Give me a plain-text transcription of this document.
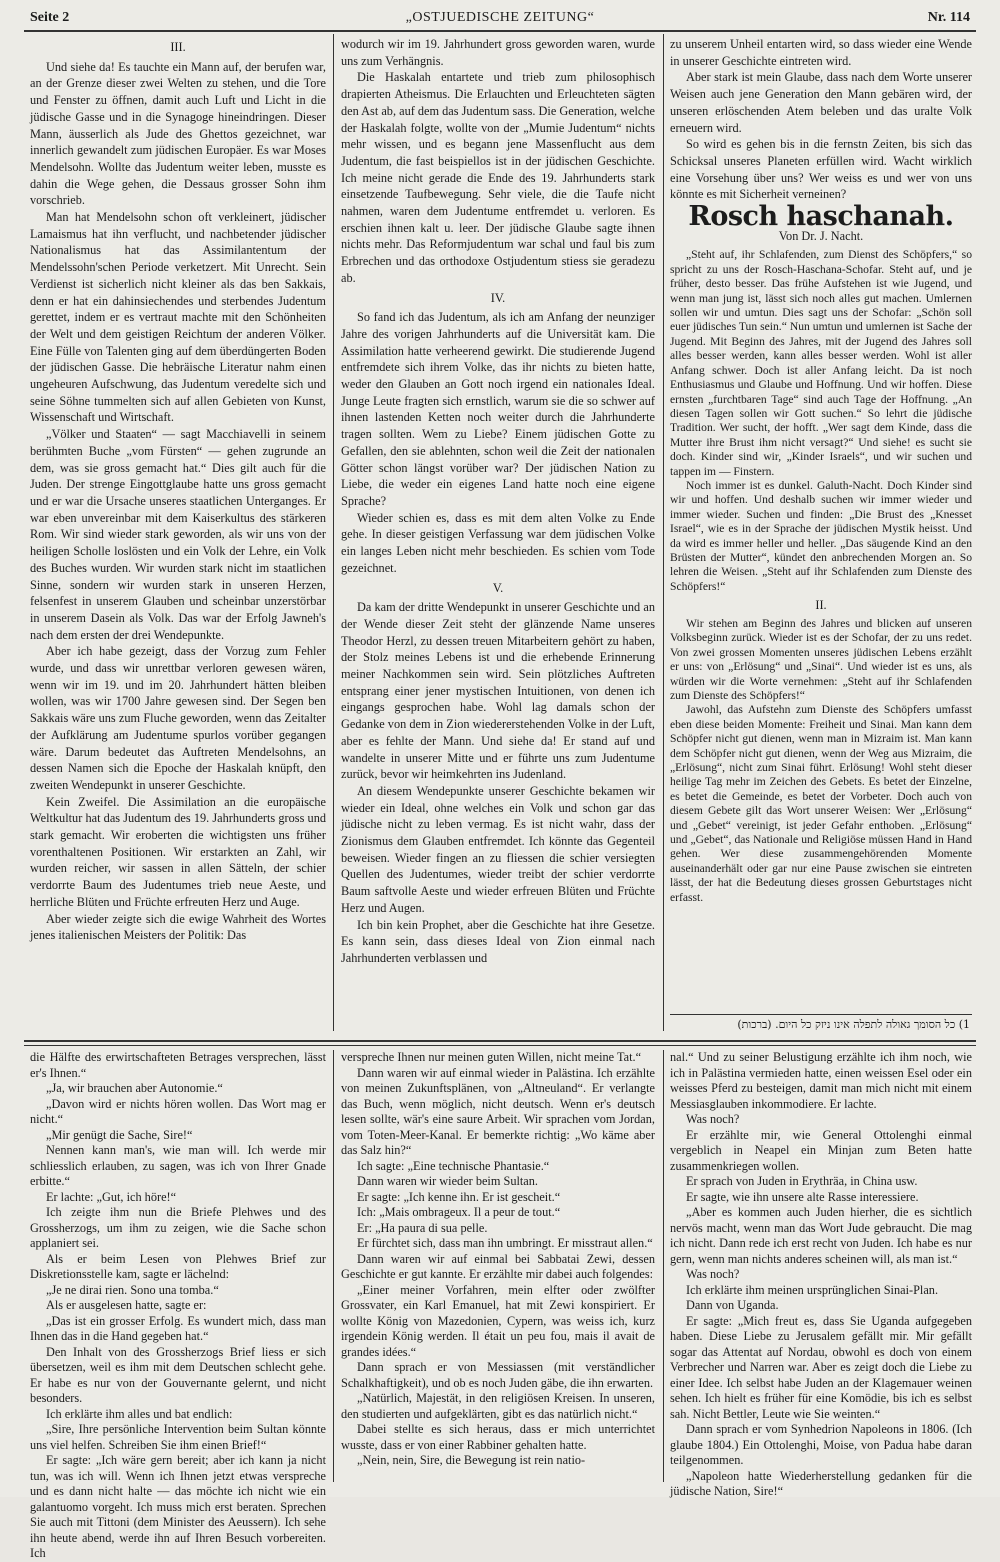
Seite 2	„OSTJUEDISCHE ZEITUNG“	Nr. 114

III.

Und siehe da! Es tauchte ein Mann auf, der berufen war, an der Grenze dieser zwei Welten zu stehen, und die Tore und Fenster zu öffnen, damit auch Luft und Licht in die jüdische Gasse und in die Synagoge hineindringen. Dieser Mann, äusserlich als Jude des Ghettos gezeichnet, war innerlich gewandelt zum jüdischen Europäer. Es war Moses Mendelsohn. Wollte das Judentum weiter leben, musste es dahin die Wege gehen, die Dessaus grosser Sohn ihm vorschrieb.

Man hat Mendelsohn schon oft verkleinert, jüdischer Lamaismus hat ihn verflucht, und nachbetender jüdischer Nationalismus hat das Assimilantentum der Mendelssohn'schen Periode verketzert. Mit Unrecht. Sein Verdienst ist sicherlich nicht kleiner als das ben Sakkais, denn er hat ein dahinsiechendes und sterbendes Judentum gerettet, indem er es vertraut machte mit den Schönheiten der Welt und dem geistigen Reichtum der anderen Völker. Eine Fülle von Talenten ging auf dem überdüngerten Boden der jüdischen Gasse. Die hebräische Literatur nahm einen ungeheuren Aufschwung, das Judentum veredelte sich und seine Söhne tummelten sich auf allen Gebieten von Kunst, Wissenschaft und Wirtschaft.

„Völker und Staaten“ — sagt Macchiavelli in seinem berühmten Buche „vom Fürsten“ — gehen zugrunde an dem, was sie gross gemacht hat.“ Dies gilt auch für die Juden. Der strenge Eingottglaube hatte uns gross gemacht und er war die Ursache unseres staatlichen Unterganges. Er war eben unvereinbar mit dem Kaiserkultus des stärkeren Rom. Wir sind wieder stark geworden, als wir uns von der heiligen Scholle loslösten und ein Volk der Lehre, ein Volk des Buches wurden. Wir wurden stark nicht im staatlichen Sinne, sondern wir wurden stark in unseren Herzen, felsenfest in unserem Glauben und scheinbar unzerstörbar in unserem Dasein als Volk. Das war der Erfolg Jawneh's nach dem ersten der drei Wendepunkte.

Aber ich habe gezeigt, dass der Vorzug zum Fehler wurde, und dass wir unrettbar verloren gewesen wären, wenn wir im 19. und im 20. Jahrhundert hätten bleiben wollen, was wir 1700 Jahre gewesen sind. Der Segen ben Sakkais wäre uns zum Fluche geworden, wenn das Zeitalter der Aufklärung am Judentume spurlos vorüber gegangen wäre. Darum bedeutet das Auftreten Mendelsohns, an dessen Namen sich die Epoche der Haskalah knüpft, den zweiten Wendepunkt in unserer Geschichte.

Kein Zweifel. Die Assimilation an die europäische Weltkultur hat das Judentum des 19. Jahrhunderts gross und stark gemacht. Wir eroberten die wichtigsten uns früher vorenthaltenen Positionen. Wir erstarkten an Zahl, wir wurden reicher, wir sassen in allen Sätteln, der schier verdorrte Baum des Judentumes trieb neue Aeste, und herrliche Blüten und Früchte erfreuten Herz und Auge.

Aber wieder zeigte sich die ewige Wahrheit des Wortes jenes italienischen Meisters der Politik: Das

wodurch wir im 19. Jahrhundert gross geworden waren, wurde uns zum Verhängnis.

Die Haskalah entartete und trieb zum philosophisch drapierten Atheismus. Die Erlauchten und Erleuchteten sägten den Ast ab, auf dem das Judentum sass. Die Generation, welche der Haskalah folgte, wollte von der „Mumie Judentum“ nichts mehr wissen, und es begann jene Massenflucht aus dem Judentum, die fast beispiellos ist in der jüdischen Geschichte. Ich meine nicht gerade die Ende des 19. Jahrhunderts stark einsetzende Taufbewegung. Sehr viele, die die Taufe nicht nahmen, waren dem Judentume entfremdet u. verloren. Es erschien ihnen kalt u. leer. Der jüdische Glaube sagte ihnen nichts mehr. Das Reformjudentum war schal und faul bis zum Erbrechen und das orthodoxe Ostjudentum stiess sie geradezu ab.

IV.

So fand ich das Judentum, als ich am Anfang der neunziger Jahre des vorigen Jahrhunderts auf die Universität kam. Die Assimilation hatte verheerend gewirkt. Die studierende Jugend entfremdete sich ihrem Volke, das ihr nichts zu bieten hatte, weder den Glauben an Gott noch irgend ein nationales Ideal. Junge Leute fragten sich ernstlich, warum sie die so schwer auf ihnen lastenden Ketten noch weiter durch die Jahrhunderte tragen sollten. Wem zu Liebe? Einem jüdischen Gotte zu Gefallen, den sie ablehnten, schon weil die Zeit der nationalen Götter schon längst vorüber war? Der jüdischen Nation zu Liebe, die weder ein eigenes Land hatte noch eine eigene Sprache?

Wieder schien es, dass es mit dem alten Volke zu Ende gehe. In dieser geistigen Verfassung war dem jüdischen Volke ein langes Leben nicht mehr beschieden. Es schien vom Tode gezeichnet.

V.

Da kam der dritte Wendepunkt in unserer Geschichte und an der Wende dieser Zeit steht der glänzende Name unseres Theodor Herzl, zu dessen treuen Mitarbeitern gehört zu haben, der Stolz meines Lebens ist und die erhebende Erinnerung meiner Nachkommen sein wird. Sein plötzliches Auftreten entsprang einer jener mystischen Intuitionen, von denen ich eingangs gesprochen habe. Wohl lag damals schon der Gedanke von dem in Zion wiedererstehenden Volke in der Luft, aber es fehlte der Mann. Und siehe da! Er stand auf und wandelte in unserer Mitte und er führte uns zum Judentume zurück, bevor wir heimkehrten ins Judenland.

An diesem Wendepunkte unserer Geschichte bekamen wir wieder ein Ideal, ohne welches ein Volk und schon gar das jüdische nicht zu leben vermag. Es ist nicht wahr, dass der Zionismus dem Glauben entfremdet. Ich könnte das Gegenteil beweisen. Wieder fingen an zu fliessen die schier versiegten Quellen des Judentumes, wieder treibt der schier verdorrte Baum saftvolle Aeste und wieder erfreuen Blüten und Früchte Herz und Augen.

Ich bin kein Prophet, aber die Geschichte hat ihre Gesetze. Es kann sein, dass dieses Ideal von Zion einmal nach Jahrhunderten verblassen und

zu unserem Unheil entarten wird, so dass wieder eine Wende in unserer Geschichte eintreten wird.

Aber stark ist mein Glaube, dass nach dem Worte unserer Weisen auch jene Generation den Mann gebären wird, der unseren erlöschenden Atem beleben und das uralte Volk erneuern wird.

So wird es gehen bis in die fernstn Zeiten, bis sich das Schicksal unseres Planeten erfüllen wird. Wacht wirklich eine Vorsehung über uns? Wer weiss es und wer von uns könnte es mit Sicherheit verneinen?

Rosch haschanah.

Von Dr. J. Nacht.

„Steht auf, ihr Schlafenden, zum Dienst des Schöpfers,“ so spricht zu uns der Rosch-Haschana-Schofar. Steht auf, und je früher, desto besser. Das frühe Aufstehen ist wie Jugend, und wenn man jung ist, lässt sich noch alles gut machen. Umlernen sollen wir und umtun. Dies sagt uns der Schofar: „Schön soll euer jüdisches Tun sein.“ Nun umtun und umlernen ist Sache der Jugend. Mit Beginn des Jahres, mit der Jugend des Jahres soll alles besser werden, kann alles besser werden. Wohl ist aller Anfang schwer. Doch ist aller Anfang leicht. Da ist noch Enthusiasmus und Glaube und Hoffnung. Und wir hoffen. Diese ernsten „furchtbaren Tage“ sind auch Tage der Hoffnung. „An diesen Tagen sollen wir Gott suchen.“ So lehrt die jüdische Tradition. Wer sucht, der hofft. „Wer sagt dem Kinde, dass die Mutter ihre Brust ihm nicht versagt?“ Und siehe! es sucht sie doch. Kinder sind wir, „Kinder Israels“, und wir suchen und tappen im — Finstern.

Noch immer ist es dunkel. Galuth-Nacht. Doch Kinder sind wir und hoffen. Und deshalb suchen wir immer wieder und immer wieder. Suchen und finden: „Die Brust des „Knesset Israel“, wie es in der Sprache der jüdischen Mystik heisst. Und da wird es immer heller und heller. „Das säugende Kind an den Brüsten der Mutter“, kündet den anbrechenden Morgen an. So lehren die Weisen. „Steht auf ihr Schlafenden zum Dienste des Schöpfers!“

II.

Wir stehen am Beginn des Jahres und blicken auf unseren Volksbeginn zurück. Wieder ist es der Schofar, der zu uns redet. Von zwei grossen Momenten unseres jüdischen Lebens erzählt er uns: von „Erlösung“ und „Sinai“. Und wieder ist es uns, als würden wir die Worte vernehmen: „Steht auf ihr Schlafenden zum Dienste des Schöpfers!“

Jawohl, das Aufstehn zum Dienste des Schöpfers umfasst eben diese beiden Momente: Freiheit und Sinai. Man kann dem Schöpfer nicht gut dienen, wenn man in Mizraim ist. Man kann dem Schöpfer nicht gut dienen, wenn der Weg aus Mizraim, die „Erlösung“, nicht zum Sinai führt. Erlösung! Wohl steht dieser heilige Tag mehr im Zeichen des Gebets. Es betet der Einzelne, es betet die Gemeinde, es betet der Vorbeter. Doch auch von diesem Gebete gilt das Wort unserer Weisen: Wer „Erlösung“ und „Gebet“ vereinigt, ist jeder Gefahr enthoben. „Erlösung“ und „Gebet“, das Nationale und Religiöse müssen Hand in Hand gehen. Wer diese zusammengehörenden Momente auseinanderhält oder gar nur eine Pause zwischen sie eintreten lässt, der hat die Bedeutung dieses grossen Geburtstages nicht erfasst.

1) כל הסומך גאולה לתפלה אינו ניזק כל היום. (ברכות)

die Hälfte des erwirtschafteten Betrages versprechen, lässt er's Ihnen.“

„Ja, wir brauchen aber Autonomie.“

„Davon wird er nichts hören wollen. Das Wort mag er nicht.“

„Mir genügt die Sache, Sire!“

Nennen kann man's, wie man will. Ich werde mir schliesslich erlauben, zu sagen, was ich von Ihrer Gnade erbitte.“

Er lachte: „Gut, ich höre!“

Ich zeigte ihm nun die Briefe Plehwes und des Grossherzogs, um ihm zu zeigen, wie die Sache schon applaniert sei.

Als er beim Lesen von Plehwes Brief zur Diskretionsstelle kam, sagte er lächelnd:

„Je ne dirai rien. Sono una tomba.“

Als er ausgelesen hatte, sagte er:

„Das ist ein grosser Erfolg. Es wundert mich, dass man Ihnen das in die Hand gegeben hat.“

Den Inhalt von des Grossherzogs Brief liess er sich übersetzen, weil es ihm mit dem Deutschen schlecht gehe. Er habe es nur von der Gouvernante gelernt, und nicht besonders.

Ich erklärte ihm alles und bat endlich:

„Sire, Ihre persönliche Intervention beim Sultan könnte uns viel helfen. Schreiben Sie ihm einen Brief!“

Er sagte: „Ich wäre gern bereit; aber ich kann ja nicht tun, was ich will. Wenn ich Ihnen jetzt etwas verspreche und es dann nicht halte — das möchte ich nicht wie ein galantuomo vorgeht. Ich muss mich erst beraten. Sprechen Sie auch mit Tittoni (dem Minister des Aeussern). Ich sehe ihn heute abend, werde ihn auf Ihren Besuch vorbereiten. Ich

verspreche Ihnen nur meinen guten Willen, nicht meine Tat.“

Dann waren wir auf einmal wieder in Palästina. Ich erzählte von meinen Zukunftsplänen, von „Altneuland“. Er verlangte das Buch, wenn möglich, nicht deutsch. Wenn er's deutsch lesen sollte, wär's eine saure Arbeit. Wir sprachen vom Jordan, vom Toten-Meer-Kanal. Er bemerkte richtig: „Wo käme aber das Salz hin?“

Ich sagte: „Eine technische Phantasie.“

Dann waren wir wieder beim Sultan.

Er sagte: „Ich kenne ihn. Er ist gescheit.“

Ich: „Mais ombrageux. Il a peur de tout.“

Er: „Ha paura di sua pelle.

Er fürchtet sich, dass man ihn umbringt. Er misstraut allen.“

Dann waren wir auf einmal bei Sabbatai Zewi, dessen Geschichte er gut kannte. Er erzählte mir dabei auch folgendes:

„Einer meiner Vorfahren, mein elfter oder zwölfter Grossvater, ein Karl Emanuel, hat mit Zewi konspiriert. Er wollte König von Mazedonien, Cypern, was weiss ich, kurz irgendein König werden. Il était un peu fou, mais il avait de grandes idées.“

Dann sprach er von Messiassen (mit verständlicher Schalkhaftigkeit), und ob es noch Juden gäbe, die ihn erwarten.

„Natürlich, Majestät, in den religiösen Kreisen. In unseren, den studierten und aufgeklärten, gibt es das natürlich nicht.“

Dabei stellte es sich heraus, dass er mich unterrichtet wusste, dass er von einer Rabbiner gehalten hatte.

„Nein, nein, Sire, die Bewegung ist rein natio-

nal.“ Und zu seiner Belustigung erzählte ich ihm noch, wie ich in Palästina vermieden hatte, einen weissen Esel oder ein weisses Pferd zu besteigen, damit man mich nicht mit einem Messiasglauben inkommodiere. Er lachte.

Was noch?

Er erzählte mir, wie General Ottolenghi einmal vergeblich in Neapel ein Minjan zum Beten hatte zusammenkriegen wollen.

Er sprach von Juden in Erythräa, in China usw.

Er sagte, wie ihn unsere alte Rasse interessiere.

„Aber es kommen auch Juden hierher, die es sichtlich nervös macht, wenn man das Wort Jude gebraucht. Die mag ich nicht. Dann rede ich erst recht von Juden. Ich habe es nur gern, wenn man nichts anderes scheinen will, als man ist.“

Was noch?

Ich erklärte ihm meinen ursprünglichen Sinai-Plan.

Dann von Uganda.

Er sagte: „Mich freut es, dass Sie Uganda aufgegeben haben. Diese Liebe zu Jerusalem gefällt mir. Mir gefällt sogar das Attentat auf Nordau, obwohl es doch von einem Verbrecher und Narren war. Aber es zeigt doch die Liebe zu einer Idee. Ich selbst habe Juden an der Klagemauer weinen sehen. Ich hielt es früher für eine Komödie, bis ich es selbst sah. Nicht Bettler, Leute wie Sie weinten.“

Dann sprach er vom Synhedrion Napoleons in 1806. (Ich glaube 1804.) Ein Ottolenghi, Moise, von Padua habe daran teilgenommen.

„Napoleon hatte Wiederherstellung gedanken für die jüdische Nation, Sire!“
